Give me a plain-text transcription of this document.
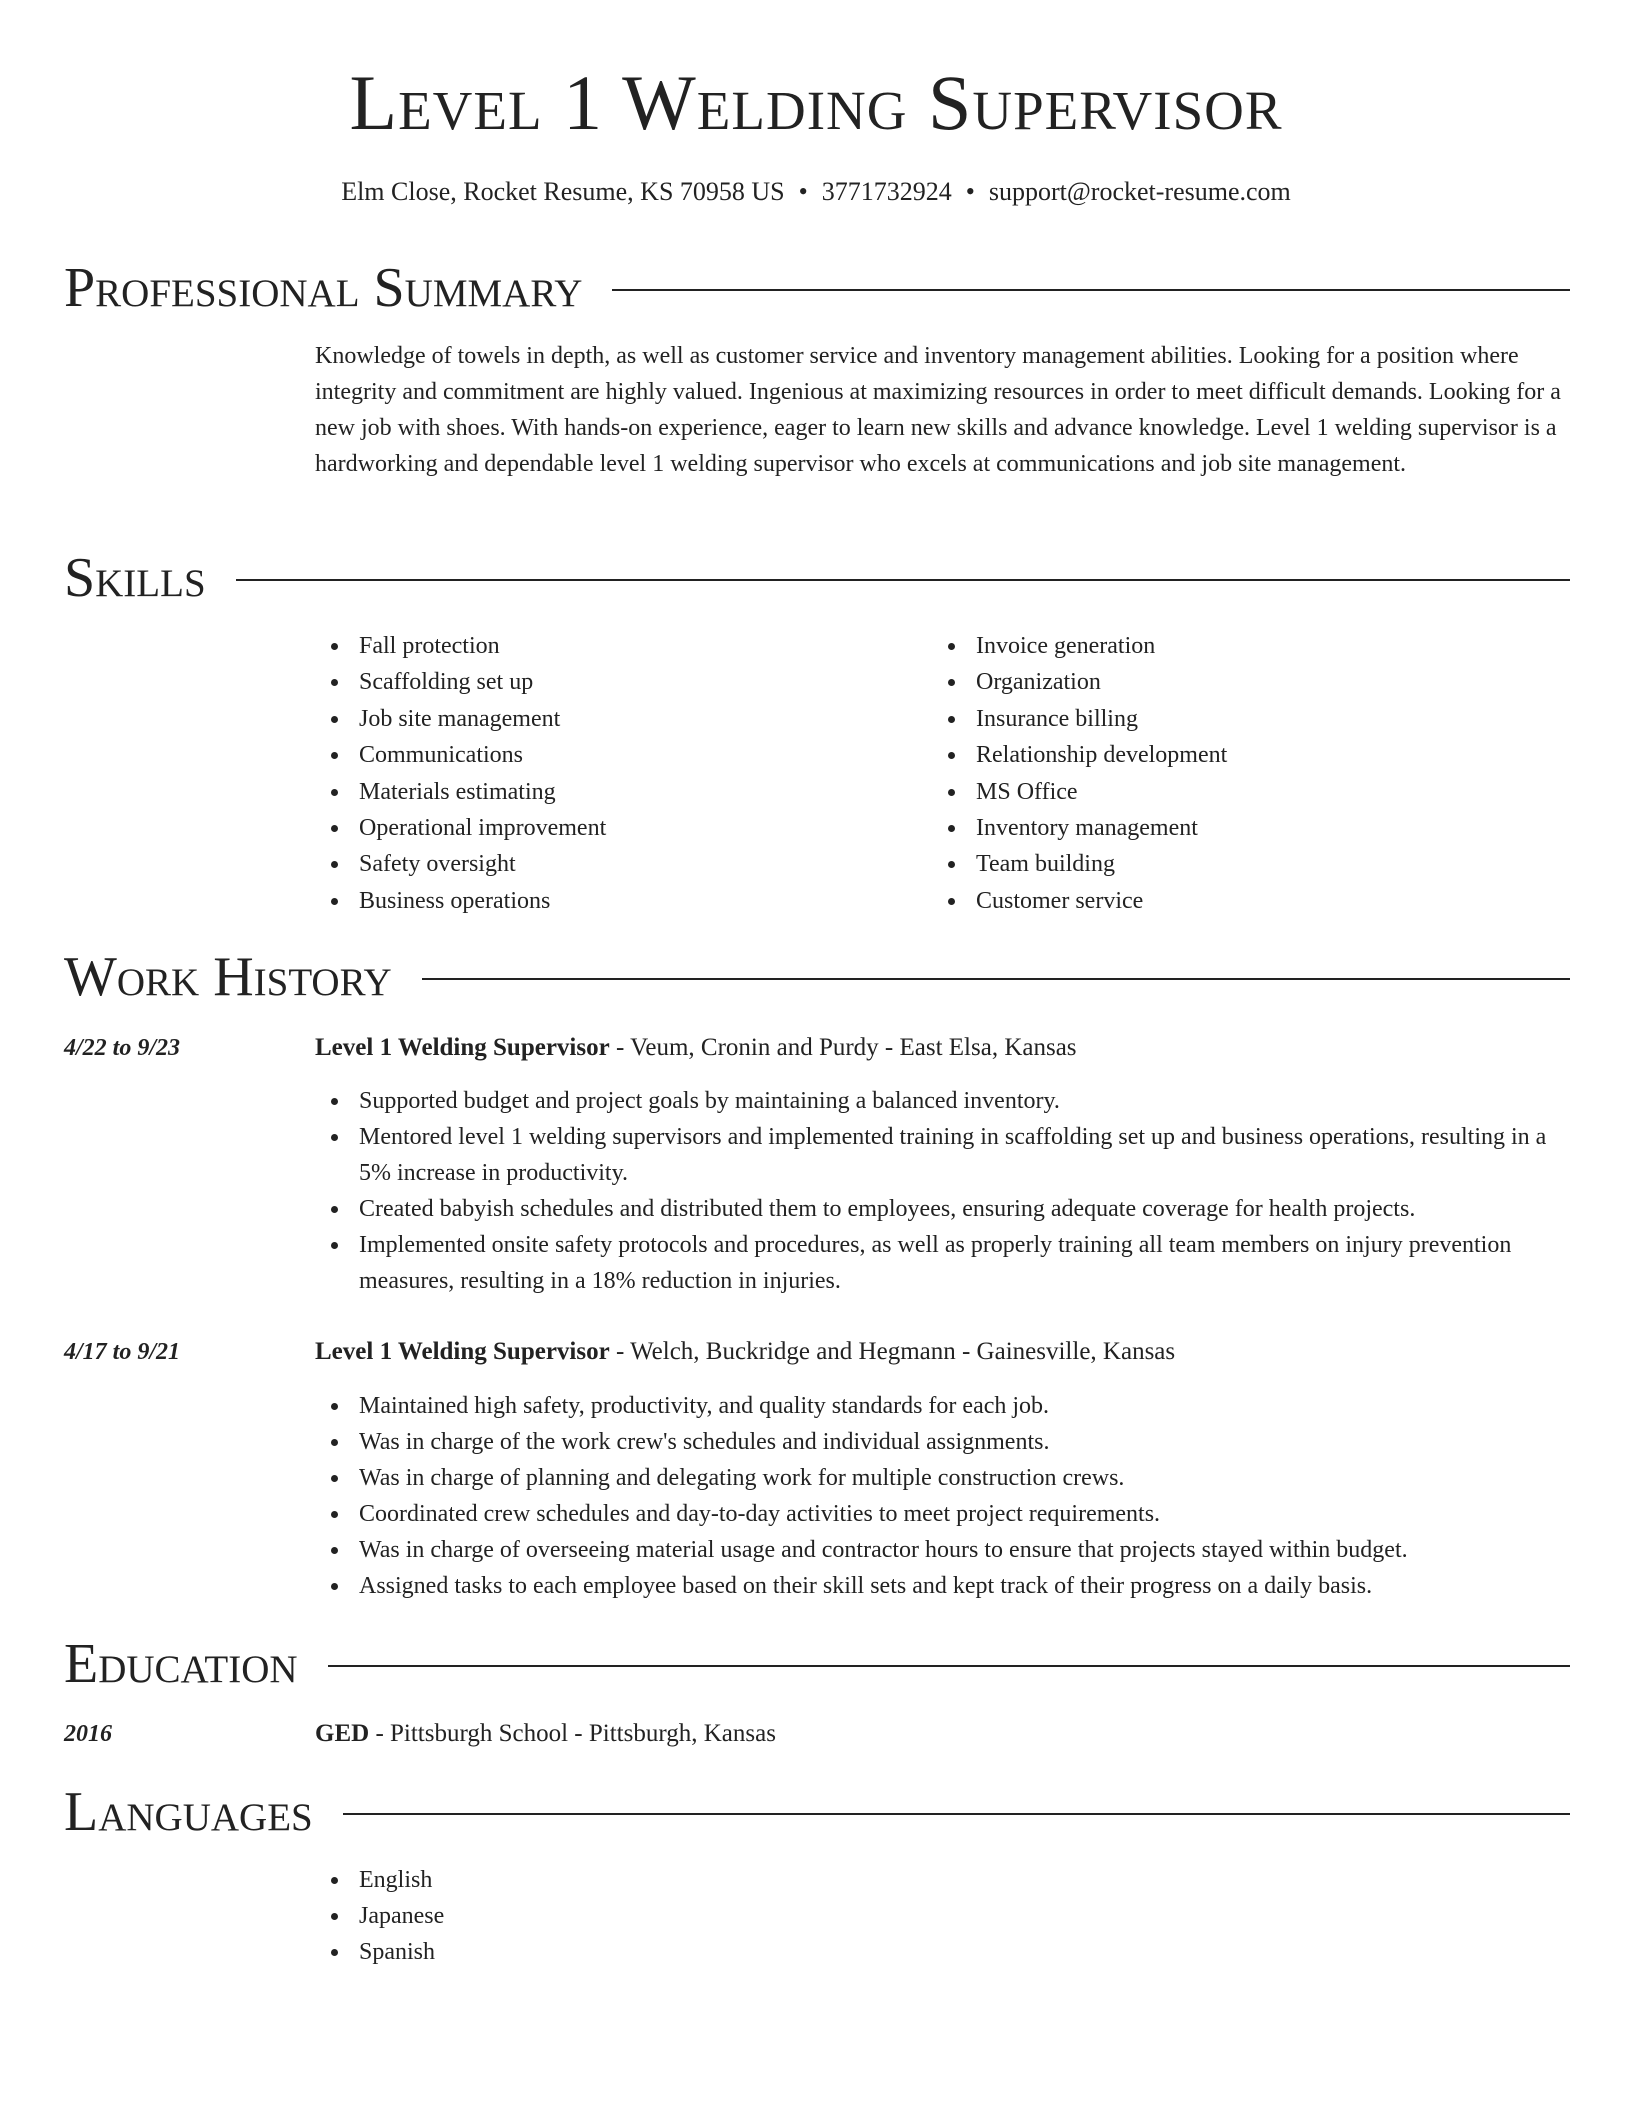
Level 1 Welding Supervisor
Elm Close, Rocket Resume, KS 70958 US • 3771732924 • support@rocket-resume.com
Professional Summary

Knowledge of towels in depth, as well as customer service and inventory management abilities. Looking for a position where integrity and commitment are highly valued. Ingenious at maximizing resources in order to meet difficult demands. Looking for a new job with shoes. With hands-on experience, eager to learn new skills and advance knowledge. Level 1 welding supervisor is a hardworking and dependable level 1 welding supervisor who excels at communications and job site management.

Skills
Fall protection
Scaffolding set up
Job site management
Communications
Materials estimating
Operational improvement
Safety oversight
Business operations
Invoice generation
Organization
Insurance billing
Relationship development
MS Office
Inventory management
Team building
Customer service
Work History
4/22 to 9/23	Level 1 Welding Supervisor - Veum, Cronin and Purdy - East Elsa, Kansas
Supported budget and project goals by maintaining a balanced inventory.
Mentored level 1 welding supervisors and implemented training in scaffolding set up and business operations, resulting in a 5% increase in productivity.
Created babyish schedules and distributed them to employees, ensuring adequate coverage for health projects.
Implemented onsite safety protocols and procedures, as well as properly training all team members on injury prevention measures, resulting in a 18% reduction in injuries.
4/17 to 9/21	Level 1 Welding Supervisor - Welch, Buckridge and Hegmann - Gainesville, Kansas
Maintained high safety, productivity, and quality standards for each job.
Was in charge of the work crew's schedules and individual assignments.
Was in charge of planning and delegating work for multiple construction crews.
Coordinated crew schedules and day-to-day activities to meet project requirements.
Was in charge of overseeing material usage and contractor hours to ensure that projects stayed within budget.
Assigned tasks to each employee based on their skill sets and kept track of their progress on a daily basis.
Education
2016	GED - Pittsburgh School - Pittsburgh, Kansas
Languages
English
Japanese
Spanish
